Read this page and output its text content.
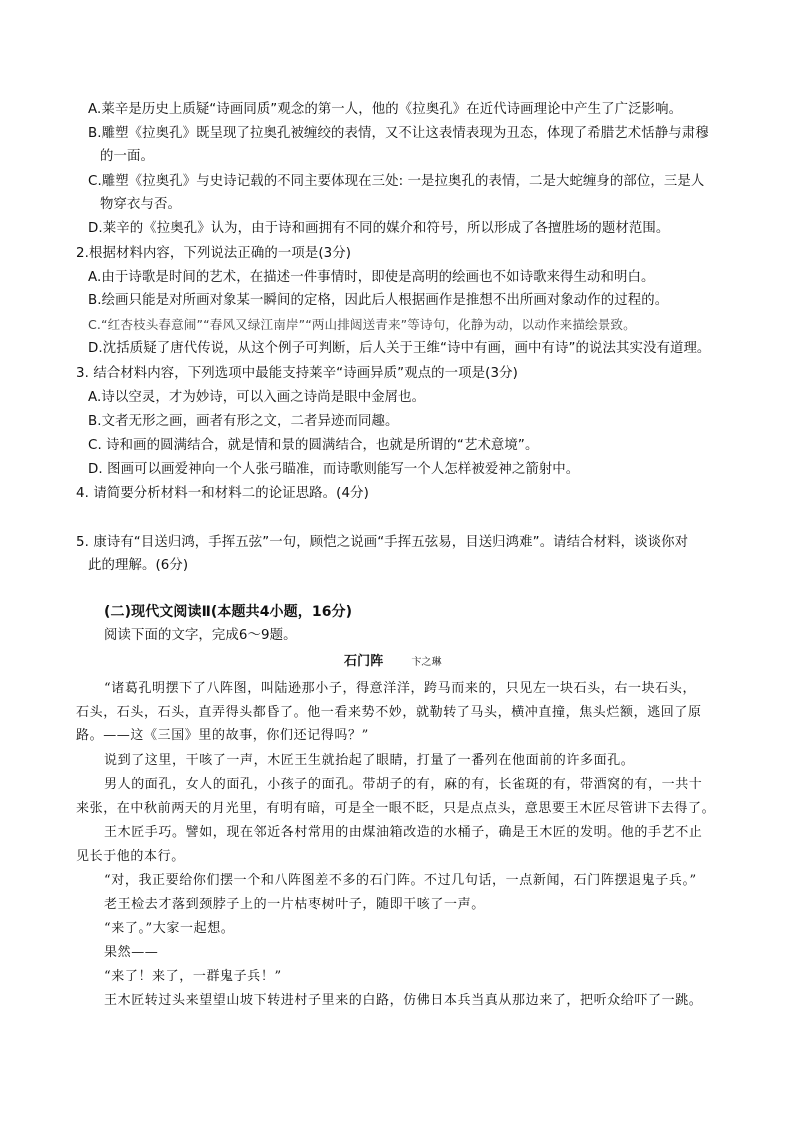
A.莱辛是历史上质疑“诗画同质”观念的第一人，他的《拉奥孔》在近代诗画理论中产生了广泛影响。
B.雕塑《拉奥孔》既呈现了拉奥孔被缠绞的表情，又不让这表情表现为丑态，体现了希腊艺术恬静与肃穆
的一面。
C.雕塑《拉奥孔》与史诗记载的不同主要体现在三处: 一是拉奥孔的表情，二是大蛇缠身的部位，三是人
物穿衣与否。
D.莱辛的《拉奥孔》认为，由于诗和画拥有不同的媒介和符号，所以形成了各擅胜场的题材范围。
2.根据材料内容，下列说法正确的一项是(3分)
A.由于诗歌是时间的艺术，在描述一件事情时，即使是高明的绘画也不如诗歌来得生动和明白。
B.绘画只能是对所画对象某一瞬间的定格，因此后人根据画作是推想不出所画对象动作的过程的。
C.“红杏枝头春意闹”“春风又绿江南岸”“两山排闼送青来”等诗句，化静为动，以动作来描绘景致。
D.沈括质疑了唐代传说，从这个例子可判断，后人关于王维“诗中有画，画中有诗”的说法其实没有道理。
3. 结合材料内容，下列选项中最能支持莱辛“诗画异质”观点的一项是(3分)
A.诗以空灵，才为妙诗，可以入画之诗尚是眼中金屑也。
B.文者无形之画，画者有形之文，二者异迹而同趣。
C. 诗和画的圆满结合，就是情和景的圆满结合，也就是所谓的“艺术意境”。
D. 图画可以画爱神向一个人张弓瞄准，而诗歌则能写一个人怎样被爱神之箭射中。
4. 请简要分析材料一和材料二的论证思路。(4分)
5. 康诗有“目送归鸿，手挥五弦”一句，顾恺之说画“手挥五弦易，目送归鸿难”。请结合材料，谈谈你对
此的理解。(6分)
(二)现代文阅读Ⅱ(本题共4小题，16分)
阅读下面的文字，完成6～9题。
石门阵	卞之琳
“诸葛孔明摆下了八阵图，叫陆逊那小子，得意洋洋，跨马而来的，只见左一块石头，右一块石头，
石头，石头，石头，直弄得头都昏了。他一看来势不妙，就勒转了马头，横冲直撞，焦头烂额，逃回了原
路。——这《三国》里的故事，你们还记得吗？”
说到了这里，干咳了一声，木匠王生就抬起了眼睛，打量了一番列在他面前的许多面孔。
男人的面孔，女人的面孔，小孩子的面孔。带胡子的有，麻的有，长雀斑的有，带酒窝的有，一共十
来张，在中秋前两天的月光里，有明有暗，可是全一眼不眨，只是点点头，意思要王木匠尽管讲下去得了。
王木匠手巧。譬如，现在邻近各村常用的由煤油箱改造的水桶子，确是王木匠的发明。他的手艺不止
见长于他的本行。
“对，我正要给你们摆一个和八阵图差不多的石门阵。不过几句话，一点新闻，石门阵摆退鬼子兵。”
老王检去才落到颈脖子上的一片枯枣树叶子，随即干咳了一声。
“来了。”大家一起想。
果然——
“来了！来了，一群鬼子兵！”
王木匠转过头来望望山坡下转进村子里来的白路，仿佛日本兵当真从那边来了，把听众给吓了一跳。
